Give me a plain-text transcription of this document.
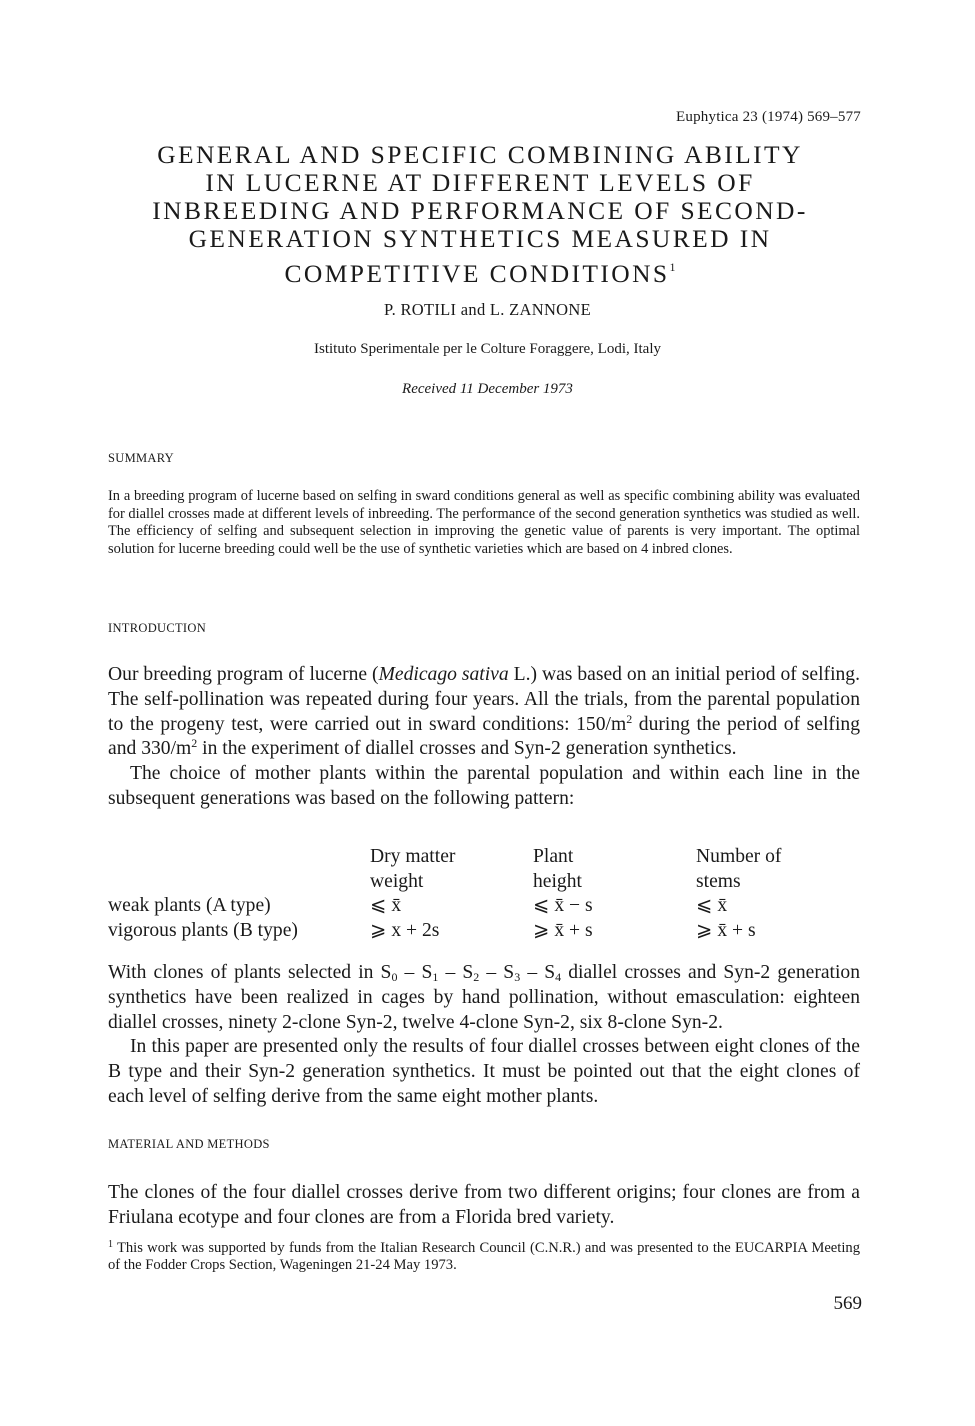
Euphytica 23 (1974) 569–577
GENERAL AND SPECIFIC COMBINING ABILITY
IN LUCERNE AT DIFFERENT LEVELS OF
INBREEDING AND PERFORMANCE OF SECOND-
GENERATION SYNTHETICS MEASURED IN
COMPETITIVE CONDITIONS$^1$
P. ROTILI and L. ZANNONE
Istituto Sperimentale per le Colture Foraggere, Lodi, Italy
Received 11 December 1973
SUMMARY

In a breeding program of lucerne based on selfing in sward conditions general as well as specific combining ability was evaluated for diallel crosses made at different levels of inbreeding. The performance of the second generation synthetics was studied as well. The efficiency of selfing and subsequent selection in improving the genetic value of parents is very important. The optimal solution for lucerne breeding could well be the use of synthetic varieties which are based on 4 inbred clones.

INTRODUCTION

Our breeding program of lucerne (Medicago sativa L.) was based on an initial period of selfing. The self-pollination was repeated during four years. All the trials, from the parental population to the progeny test, were carried out in sward conditions: $150/m^2$ during the period of selfing and $330/m^2$ in the experiment of diallel crosses and Syn-2 generation synthetics.

The choice of mother plants within the parental population and within each line in the subsequent generations was based on the following pattern:

	Dry matter	Plant	Number of
	weight	height	stems
weak plants (A type)	⩽ x̄	⩽ x̄ − s	⩽ x̄
vigorous plants (B type)	⩾ x + 2s	⩾ x̄ + s	⩾ x̄ + s

With clones of plants selected in $S_0 - S_1 - S_2 - S_3 - S_4$ diallel crosses and Syn-2 generation synthetics have been realized in cages by hand pollination, without emasculation: eighteen diallel crosses, ninety 2-clone Syn-2, twelve 4-clone Syn-2, six 8-clone Syn-2.

In this paper are presented only the results of four diallel crosses between eight clones of the B type and their Syn-2 generation synthetics. It must be pointed out that the eight clones of each level of selfing derive from the same eight mother plants.

MATERIAL AND METHODS

The clones of the four diallel crosses derive from two different origins; four clones are from a Friulana ecotype and four clones are from a Florida bred variety.

$^1$ This work was supported by funds from the Italian Research Council (C.N.R.) and was presented to the EUCARPIA Meeting of the Fodder Crops Section, Wageningen 21-24 May 1973.

569
